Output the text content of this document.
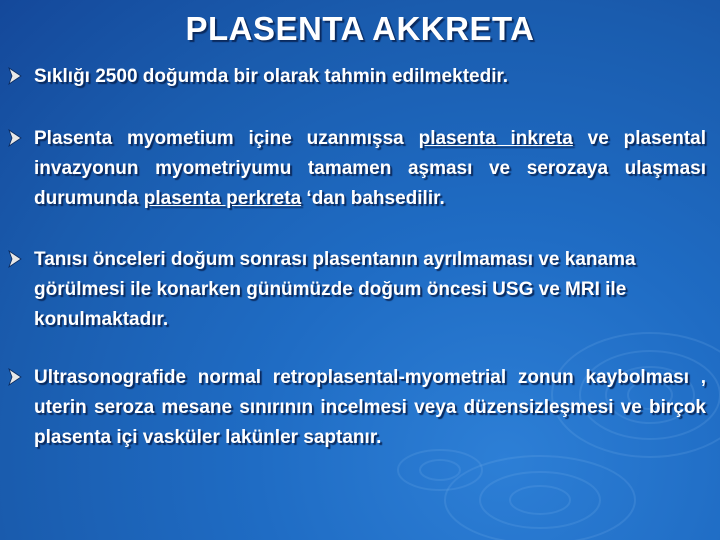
PLASENTA AKKRETA
Sıklığı 2500 doğumda bir olarak tahmin edilmektedir.
Plasenta myometium içine uzanmışsa plasenta inkreta ve plasental invazyonun myometriyumu tamamen aşması ve serozaya ulaşması durumunda plasenta perkreta ‘dan bahsedilir.
Tanısı önceleri doğum sonrası plasentanın ayrılmaması ve kanama görülmesi ile konarken günümüzde doğum öncesi USG ve MRI ile konulmaktadır.
Ultrasonografide normal retroplasental-myometrial zonun kaybolması , uterin seroza mesane sınırının incelmesi veya düzensizleşmesi ve birçok plasenta içi vasküler lakünler saptanır.
